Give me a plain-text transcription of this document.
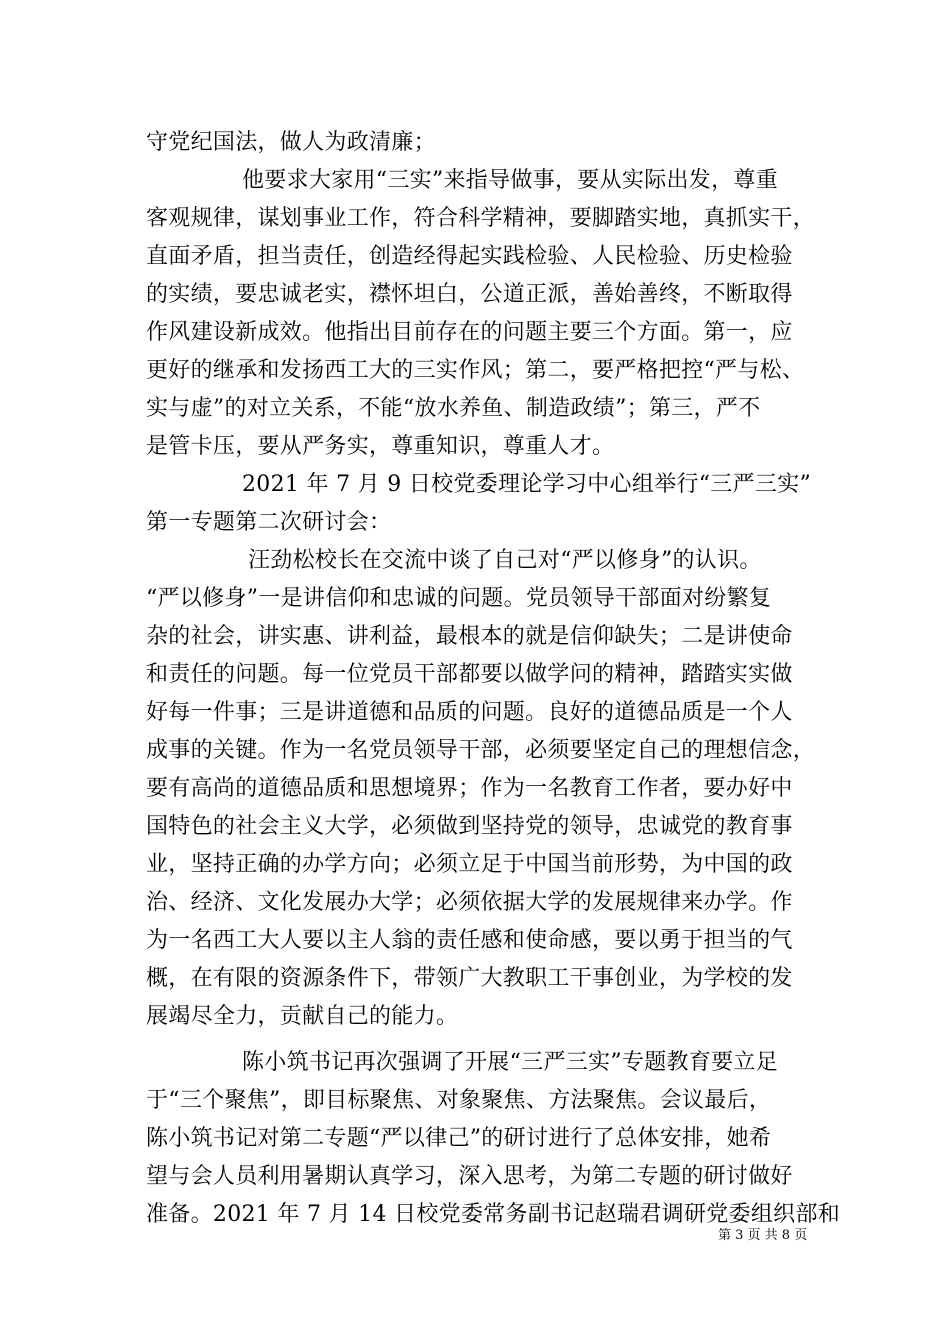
守党纪国法，做人为政清廉；
他要求大家用“三实”来指导做事，要从实际出发，尊重
客观规律，谋划事业工作，符合科学精神，要脚踏实地，真抓实干，
直面矛盾，担当责任，创造经得起实践检验、人民检验、历史检验
的实绩，要忠诚老实，襟怀坦白，公道正派，善始善终，不断取得
作风建设新成效。他指出目前存在的问题主要三个方面。第一，应
更好的继承和发扬西工大的三实作风；第二，要严格把控“严与松、
实与虚”的对立关系，不能“放水养鱼、制造政绩”；第三，严不
是管卡压，要从严务实，尊重知识，尊重人才。
2021 年 7 月 9 日校党委理论学习中心组举行“三严三实”
第一专题第二次研讨会：
汪劲松校长在交流中谈了自己对“严以修身”的认识。
“严以修身”一是讲信仰和忠诚的问题。党员领导干部面对纷繁复
杂的社会，讲实惠、讲利益，最根本的就是信仰缺失；二是讲使命
和责任的问题。每一位党员干部都要以做学问的精神，踏踏实实做
好每一件事；三是讲道德和品质的问题。良好的道德品质是一个人
成事的关键。作为一名党员领导干部，必须要坚定自己的理想信念，
要有高尚的道德品质和思想境界；作为一名教育工作者，要办好中
国特色的社会主义大学，必须做到坚持党的领导，忠诚党的教育事
业，坚持正确的办学方向；必须立足于中国当前形势，为中国的政
治、经济、文化发展办大学；必须依据大学的发展规律来办学。作
为一名西工大人要以主人翁的责任感和使命感，要以勇于担当的气
概，在有限的资源条件下，带领广大教职工干事创业，为学校的发
展竭尽全力，贡献自己的能力。
陈小筑书记再次强调了开展“三严三实”专题教育要立足
于“三个聚焦”，即目标聚焦、对象聚焦、方法聚焦。会议最后，
陈小筑书记对第二专题“严以律己”的研讨进行了总体安排，她希
望与会人员利用暑期认真学习，深入思考，为第二专题的研讨做好
准备。2021 年 7 月 14 日校党委常务副书记赵瑞君调研党委组织部和
第 3 页 共 8 页
